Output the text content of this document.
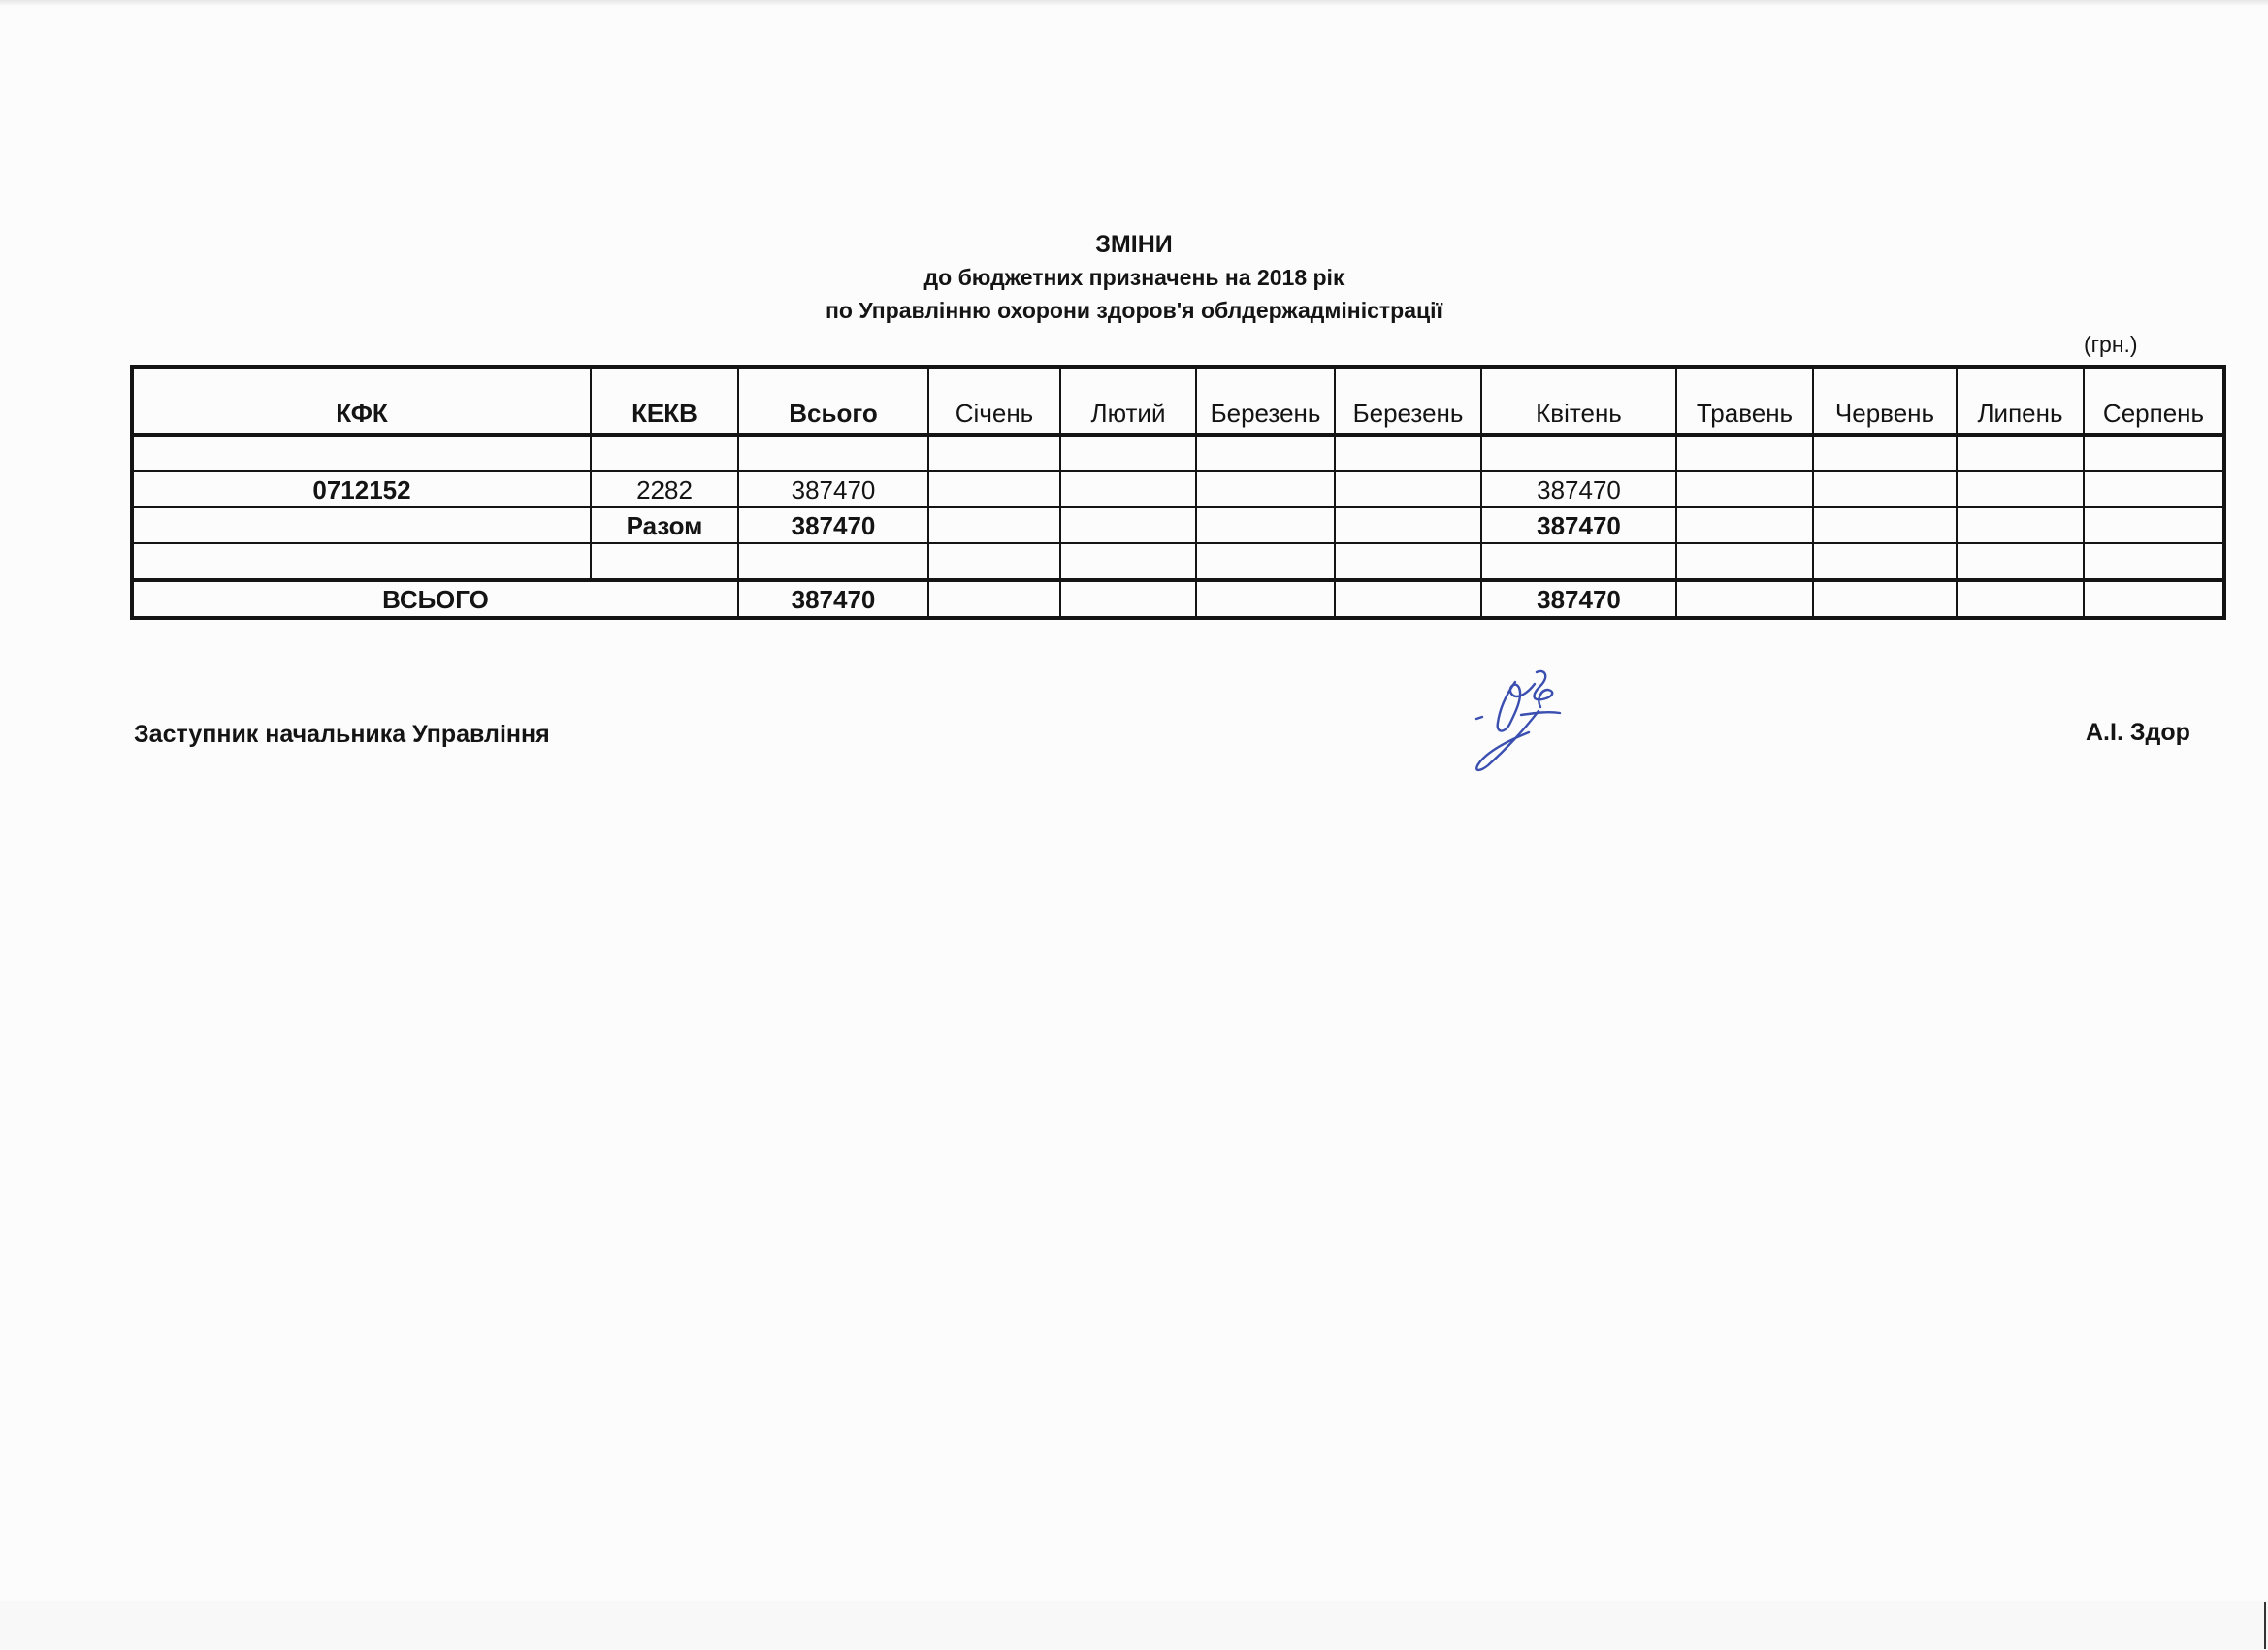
ЗМІНИ
до бюджетних призначень на 2018 рік
по Управлінню охорони здоров'я облдержадміністрації
(грн.)
КФК	КЕКВ	Всього	Січень	Лютий	Березень	Березень	Квітень	Травень	Червень	Липень	Серпень

0712152	2282	387470					387470				
	Разом	387470					387470				

ВСЬОГО		387470					387470				
Заступник начальника Управління	А.І. Здор
